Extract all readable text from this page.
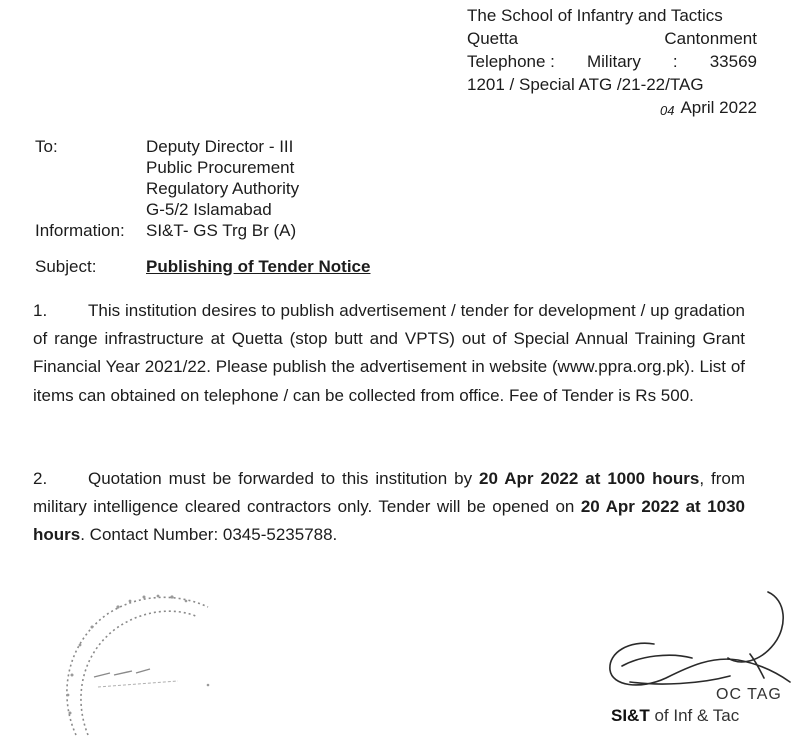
The School of Infantry and Tactics
Quetta	Cantonment
Telephone : Military : 33569
1201 / Special ATG /21-22/TAG
04 April 2022
To:	Deputy Director - III
Public Procurement
Regulatory Authority
G-5/2 Islamabad
Information: SI&T- GS Trg Br (A)
Subject:	Publishing of Tender Notice
1. This institution desires to publish advertisement / tender for development / up gradation of range infrastructure at Quetta (stop butt and VPTS) out of Special Annual Training Grant Financial Year 2021/22. Please publish the advertisement in website (www.ppra.org.pk). List of items can obtained on telephone / can be collected from office. Fee of Tender is Rs 500.
2. Quotation must be forwarded to this institution by 20 Apr 2022 at 1000 hours, from military intelligence cleared contractors only. Tender will be opened on 20 Apr 2022 at 1030 hours. Contact Number: 0345-5235788.
OC TAG
SI&T of Inf & Tac
